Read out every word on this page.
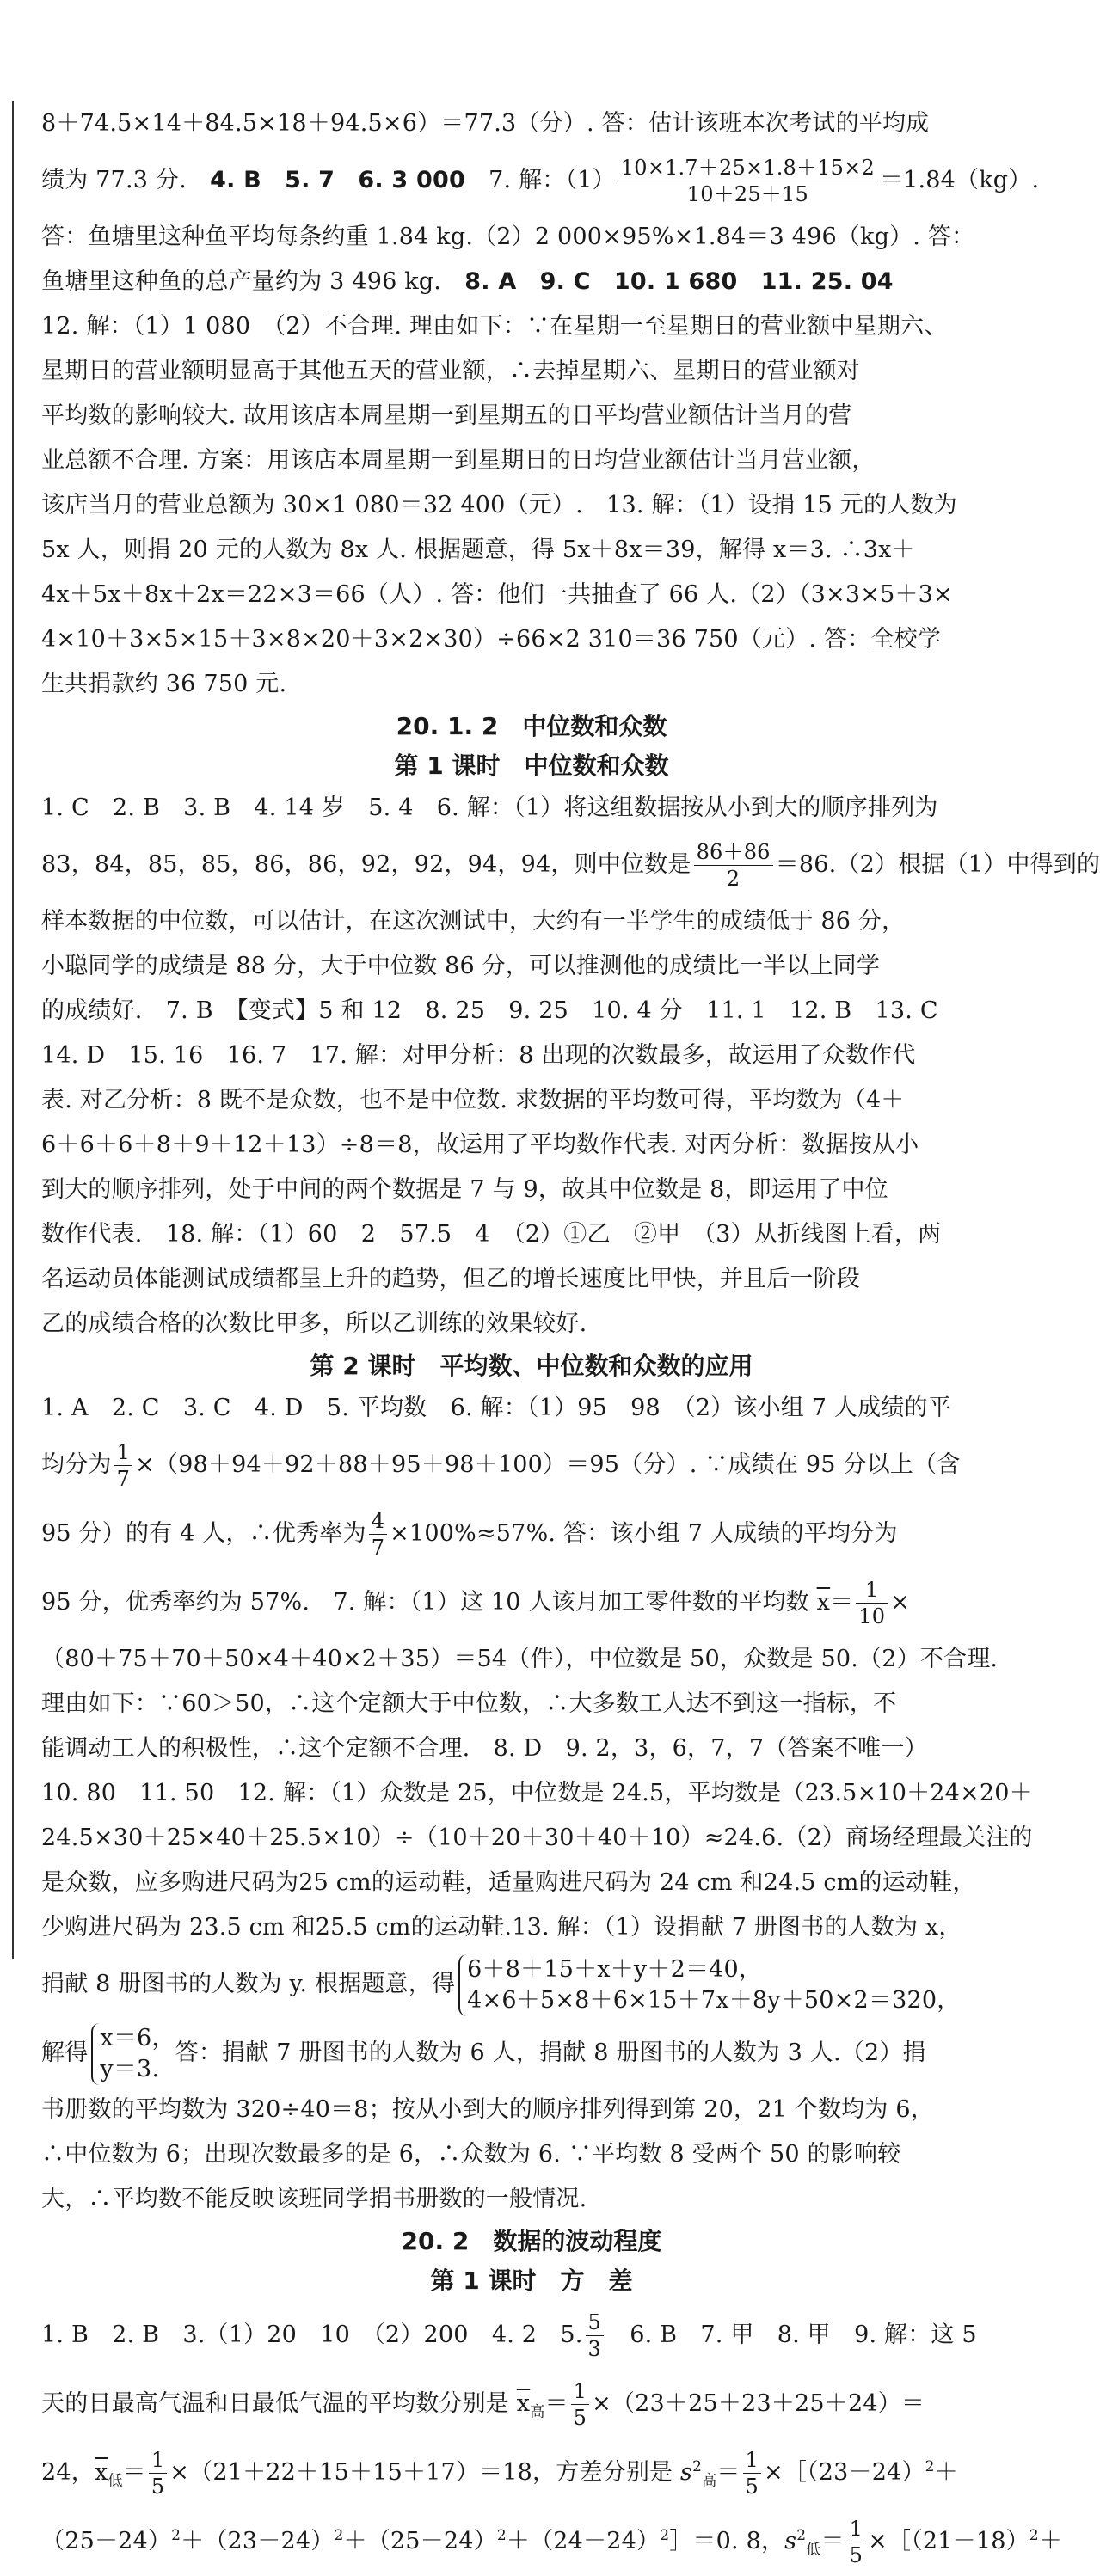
8＋74.5×14＋84.5×18＋94.5×6）＝77.3（分）. 答：估计该班本次考试的平均成
绩为 77.3 分.　 4. B　 5. 7　 6. 3 000　 7. 解：$(1) \frac{10\times 1.7+25\times 1.8+15\times 2}{10+25+15} =1.84(kg)$.
答：鱼塘里这种鱼平均每条约重 1.84 kg.（2）2 000×95%×1.84＝3 496（kg）. 答：
鱼塘里这种鱼的总产量约为 3 496 kg.　 8. A　 9. C　 10. 1 680　 11. 25. 04
12. 解：（1）1 080　（2）不合理. 理由如下：∵在星期一至星期日的营业额中星期六、
星期日的营业额明显高于其他五天的营业额，∴去掉星期六、星期日的营业额对
平均数的影响较大. 故用该店本周星期一到星期五的日平均营业额估计当月的营
业总额不合理. 方案：用该店本周星期一到星期日的日均营业额估计当月营业额，
该店当月的营业总额为 30×1 080＝32 400（元）.　 13. 解：（1）设捐 15 元的人数为
5x 人，则捐 20 元的人数为 8x 人. 根据题意，得 5x＋8x＝39，解得 x＝3. ∴3x＋
4x＋5x＋8x＋2x＝22×3＝66（人）. 答：他们一共抽查了 66 人.（2）（3×3×5＋3×
4×10＋3×5×15＋3×8×20＋3×2×30）÷66×2 310＝36 750（元）. 答：全校学
生共捐款约 36 750 元.
20. 1. 2　中位数和众数
第 1 课时　中位数和众数
1. C　2. B　3. B　4. 14 岁　5. 4　6. 解：（1）将这组数据按从小到大的顺序排列为
83，84，85，85，86，86，92，92，94，94，则中位数是 $\frac{86+86}{2} =86.(2)$根据（1）中得到的
样本数据的中位数，可以估计，在这次测试中，大约有一半学生的成绩低于 86 分，
小聪同学的成绩是 88 分，大于中位数 86 分，可以推测他的成绩比一半以上同学
的成绩好.　 7. B　【变式】5 和 12　8. 25　9. 25　10. 4 分　11. 1　12. B　13. C
14. D　15. 16　16. 7　17. 解：对甲分析：8 出现的次数最多，故运用了众数作代
表. 对乙分析：8 既不是众数，也不是中位数. 求数据的平均数可得，平均数为（4＋
6＋6＋6＋8＋9＋12＋13）÷8＝8，故运用了平均数作代表. 对丙分析：数据按从小
到大的顺序排列，处于中间的两个数据是 7 与 9，故其中位数是 8，即运用了中位
数作代表.　18. 解：（1）60　2　57.5　4　（2）①乙　②甲　（3）从折线图上看，两
名运动员体能测试成绩都呈上升的趋势，但乙的增长速度比甲快，并且后一阶段
乙的成绩合格的次数比甲多，所以乙训练的效果较好.
第 2 课时　平均数、中位数和众数的应用
1. A　2. C　3. C　4. D　5. 平均数　6. 解：（1）95　98　（2）该小组 7 人成绩的平
均分为 $\frac{1}{7} \times(98+94+92+88+95+98+100)=95$（分）. ∵成绩在 95 分以上（含
95 分）的有 4 人，∴优秀率为 $\frac{4}{7} \times 100\%\approx 57\%$. 答：该小组 7 人成绩的平均分为
95 分，优秀率约为 57%.　 7. 解：（1）这 10 人该月加工零件数的平均数 $\overline{x}= \frac{1}{10}$ ×
（80＋75＋70＋50×4＋40×2＋35）＝54（件），中位数是 50，众数是 50.（2）不合理.
理由如下：∵60＞50，∴这个定额大于中位数，∴大多数工人达不到这一指标，不
能调动工人的积极性，∴这个定额不合理.　 8. D　9. 2，3，6，7，7（答案不唯一）
10. 80　11. 50　12. 解：（1）众数是 25，中位数是 24.5，平均数是（23.5×10＋24×20＋
24.5×30＋25×40＋25.5×10）÷（10＋20＋30＋40＋10）≈24.6.（2）商场经理最关注的
是众数，应多购进尺码为25 cm的运动鞋，适量购进尺码为 24 cm 和24.5 cm的运动鞋，
少购进尺码为 23.5 cm 和25.5 cm的运动鞋.13. 解：（1）设捐献 7 册图书的人数为 x，
捐献 8 册图书的人数为 y. 根据题意，得
6＋8＋15＋x＋y＋2＝40，
4×6＋5×8＋6×15＋7x＋8y＋50×2＝320，
解得
x＝6，
y＝3.
答：捐献 7 册图书的人数为 6 人，捐献 8 册图书的人数为 3 人.（2）捐
书册数的平均数为 320÷40＝8；按从小到大的顺序排列得到第 20，21 个数均为 6，
∴中位数为 6；出现次数最多的是 6，∴众数为 6. ∵平均数 8 受两个 50 的影响较
大，∴平均数不能反映该班同学捐书册数的一般情况.
20. 2　数据的波动程度
第 1 课时　方　差
1. B　2. B　3.（1）20　10　（2）200　4. 2　5. $\frac{5}{3}$
　 6. B　7. 甲　8. 甲　9. 解：这 5
天的日最高气温和日最低气温的平均数分别是 $\overline{x}_高= \frac{1}{5} \times(23+25+23+25+24)=$
24，$\overline{x}_低= \frac{1}{5} \times(21+22+15+15+17)=18$，方差分别是 $s^2_高= \frac{1}{5}$ $\times[(23-24)^2+$
$(25-24)^2+(23-24)^2+(25-24)^2+(24-24)^2]=0$. 8，$s^2_低= \frac{1}{5}$ $\times[(21-18)^2+$
